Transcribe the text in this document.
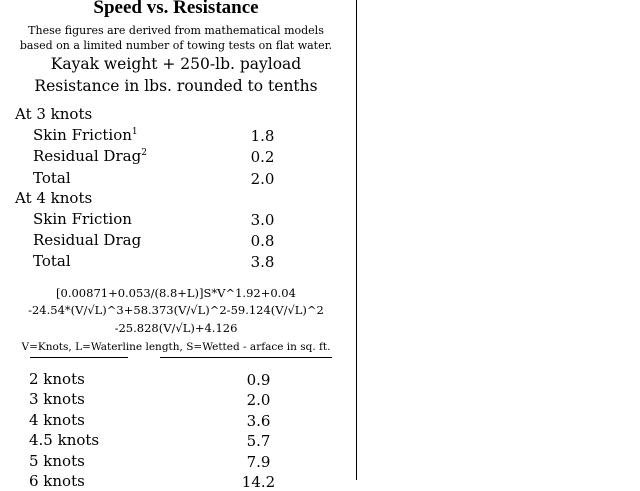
Speed vs. Resistance
These figures are derived from mathematical models
based on a limited number of towing tests on flat water.
Kayak weight + 250-lb. payload
Resistance in lbs. rounded to tenths
At 3 knots
Skin Friction$^1$	1.8
Residual Drag$^2$	0.2
Total	2.0
At 4 knots
Skin Friction	3.0
Residual Drag	0.8
Total	3.8
[0.00871+0.053/(8.8+L)]S*V^1.92+0.04
-24.54*(V/√L)^3+58.373(V/√L)^2-59.124(V/√L)^2
-25.828(V/√L)+4.126
V=Knots, L=Waterline length, S=Wetted - arface in sq. ft.
2 knots	0.9
3 knots	2.0
4 knots	3.6
4.5 knots	5.7
5 knots	7.9
6 knots	14.2
